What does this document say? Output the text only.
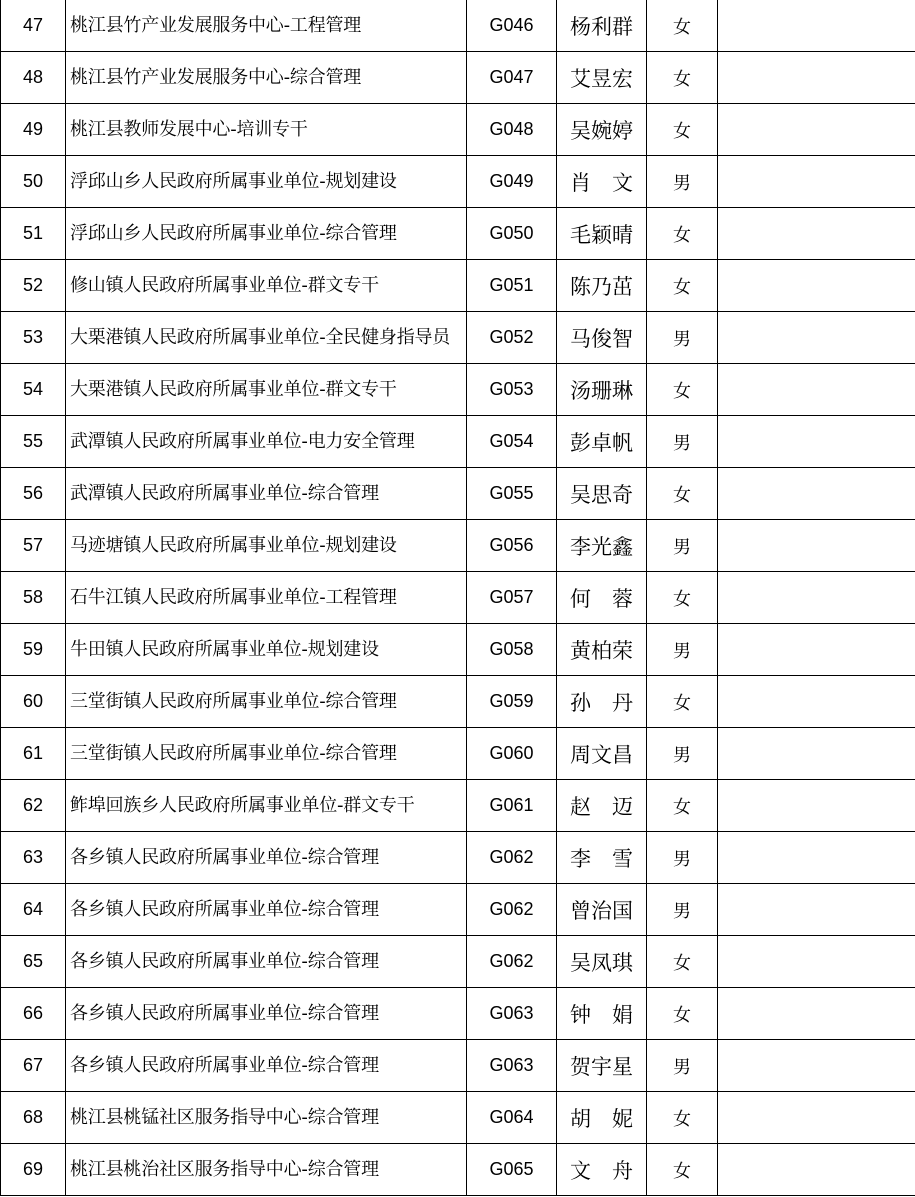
47	桃江县竹产业发展服务中心-工程管理	G046	杨利群	女	
48	桃江县竹产业发展服务中心-综合管理	G047	艾昱宏	女	
49	桃江县教师发展中心-培训专干	G048	吴婉婷	女	
50	浮邱山乡人民政府所属事业单位-规划建设	G049	肖　文	男	
51	浮邱山乡人民政府所属事业单位-综合管理	G050	毛颖晴	女	
52	修山镇人民政府所属事业单位-群文专干	G051	陈乃茁	女	
53	大栗港镇人民政府所属事业单位-全民健身指导员	G052	马俊智	男	
54	大栗港镇人民政府所属事业单位-群文专干	G053	汤珊琳	女	
55	武潭镇人民政府所属事业单位-电力安全管理	G054	彭卓帆	男	
56	武潭镇人民政府所属事业单位-综合管理	G055	吴思奇	女	
57	马迹塘镇人民政府所属事业单位-规划建设	G056	李光鑫	男	
58	石牛江镇人民政府所属事业单位-工程管理	G057	何　蓉	女	
59	牛田镇人民政府所属事业单位-规划建设	G058	黄柏荣	男	
60	三堂街镇人民政府所属事业单位-综合管理	G059	孙　丹	女	
61	三堂街镇人民政府所属事业单位-综合管理	G060	周文昌	男	
62	鲊埠回族乡人民政府所属事业单位-群文专干	G061	赵　迈	女	
63	各乡镇人民政府所属事业单位-综合管理	G062	李　雪	男	
64	各乡镇人民政府所属事业单位-综合管理	G062	曾治国	男	
65	各乡镇人民政府所属事业单位-综合管理	G062	吴凤琪	女	
66	各乡镇人民政府所属事业单位-综合管理	G063	钟　娟	女	
67	各乡镇人民政府所属事业单位-综合管理	G063	贺宇星	男	
68	桃江县桃锰社区服务指导中心-综合管理	G064	胡　妮	女	
69	桃江县桃治社区服务指导中心-综合管理	G065	文　舟	女	
